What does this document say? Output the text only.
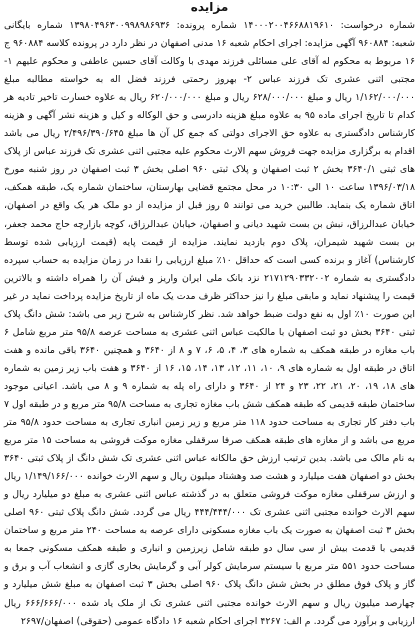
مزایده

شماره درخواست: ۱۴۰۰۰۲۰۰۴۶۶۸۸۱۹۶۱۰ شماره پرونده: ۱۳۹۸۰۴۹۶۳۰۰۹۹۸۹۸۶۹۳۶ شماره بایگانی شعبه: ۹۶۰۸۸۴ آگهی مزایده: اجرای احکام شعبه ۱۶ مدنی اصفهان در نظر دارد در پرونده کلاسه ۹۶۰۸۸۴ ج ۱۶ مربوط به محکوم له آقای علی مسائلی فرزند مهدی با وکالت آقای حسین عاطفی و محکوم علیهم ۱- مجتبی اثنی عشری تک فرزند عباس ۲- بهروز رحمتی فرزند فضل اله به خواسته مطالبه مبلغ ۱/۱۶۲/۰۰۰/۰۰۰ ریال و مبلغ ۶۲۸/۰۰۰/۰۰۰ ریال و مبلغ ۶۲۰/۰۰۰/۰۰۰ ریال به علاوه خسارت تاخیر تادیه هر کدام تا تاریخ اجرای ماده ۹۵ به علاوه مبلغ هزینه دادرسی و حق الوکاله و کیل و هزینه نشر آگهی و هزینه کارشناس دادگستری به علاوه حق الاجرای دولتی که جمع کل آن ها مبلغ ۲/۴۹۶/۳۹۰/۶۴۵ ریال می باشد اقدام به برگزاری مزایده جهت فروش سهم الارث محکوم علیه مجتبی اثنی عشری تک فرزند عباس از پلاک های ثبتی ۳۶۴۰/۱ بخش ۲ ثبت اصفهان و پلاک ثبتی ۹۶۰ اصلی بخش ۳ ثبت اصفهان در روز شنبه مورخ ۱۳۹۶/۰۳/۱۸ ساعت ۱۰ الی ۱۰:۳۰ در محل مجتمع قضایی بهارستان، ساختمان شماره یک، طبقه همکف، اتاق شماره یک بنماید. طالبین خرید می توانند ۵ روز قبل از مزایده از دو ملک هر یک واقع در اصفهان، خیابان عبدالرزاق، نبش بن بست شهید دیانی و اصفهان، خیابان عبدالرزاق، کوچه بازارچه حاج محمد جعفر، بن بست شهید شیمران، پلاک دوم بازدید نمایند. مزایده از قیمت پایه (قیمت ارزیابی شده توسط کارشناس) آغاز و برنده کسی است که حداقل ۱۰٪ مبلغ ارزیابی را نقدا در زمان مزایده به حساب سپرده دادگستری به شماره ۲۱۷۱۲۹۰۳۳۲۰۰۲ نزد بانک ملی ایران واریز و فیش آن را همراه داشته و بالاترین قیمت را پیشنهاد نماید و مابقی مبلغ را نیز حداکثر ظرف مدت یک ماه از تاریخ مزایده پرداخت نماید در غیر این صورت ۱۰٪ اول به نفع دولت ضبط خواهد شد. نظر کارشناس به شرح زیر می باشد: شش دانگ پلاک ثبتی ۳۶۴۰ بخش دو ثبت اصفهان با مالکیت عباس اثنی عشری به مساحت عرصه ۹۵/۸ متر مربع شامل ۶ باب مغازه در طبقه همکف به شماره های ۳، ۴، ۵، ۶، ۷ و ۸ از ۳۶۴۰ و همچنین ۳۶۴۰ باقی مانده و هفت اتاق در طبقه اول به شماره های ۹، ۱۰، ۱۱، ۱۲، ۱۳، ۱۴، ۱۵، ۱۶ از ۳۶۴۰ و هفت باب زیر زمین به شماره های ۱۸، ۱۹، ۲۰، ۲۱، ۲۲، ۲۳ و ۲۴ از ۳۶۴۰ و دارای راه پله به شماره ۹ و ۸ می باشد. اعیانی موجود ساختمان طبقه قدیمی که طبقه همکف شش باب مغازه تجاری به مساحت ۹۵/۸ متر مربع و در طبقه اول ۷ باب دفتر کار تجاری به مساحت حدود ۱۱۸ متر مربع و زیر زمین انباری تجاری به مساحت حدود ۹۵/۸ متر مربع می باشد و از مغازه های طبقه همکف صرفا سرقفلی مغازه موکت فروشی به مساحت ۱۵ متر مربع به نام مالک می باشد. بدین ترتیب ارزش حق مالکانه عباس اثنی عشری تک شش دانگ از پلاک ثبتی ۳۶۴۰ بخش دو اصفهان هفت میلیارد و هشت صد وهشتاد میلیون ریال و سهم الارث خوانده ۱/۱۴۹/۱۶۶/۰۰۰ ریال و ارزش سرقفلی مغازه موکت فروشی متعلق به در گذشته عباس اثنی عشری به مبلغ دو میلیارد ریال و سهم الارث خوانده مجتبی اثنی عشری تک ۴۴۴/۴۴۴/۰۰۰ ریال می گردد. شش دانگ پلاک ثبتی ۹۶۰ اصلی بخش ۳ ثبت اصفهان به صورت یک باب مغازه مسکونی دارای عرصه به مساحت ۲۴۰ متر مربع و ساختمان قدیمی با قدمت بیش از سی سال دو طبقه شامل زیرزمین و انباری و طبقه همکف مسکونی جمعا به مساحت حدود ۵۵۱ متر مربع با سیستم سرمایش کولر آبی و گرمایش بخاری گازی و انشعاب آب و برق و گاز و پلاک فوق مطلق در بخش شش دانگ پلاک ۹۶۰ اصلی بخش ۳ ثبت اصفهان به مبلغ شش میلیارد و چهارصد میلیون ریال و سهم الارث خوانده مجتبی اثنی عشری تک از ملک یاد شده ۶۶۶/۶۶۶/۰۰۰ ریال ارزیابی و برآورد می گردد. م الف: ۴۲۶۷ اجرای احکام شعبه ۱۶ دادگاه عمومی (حقوقی) اصفهان/۲۶۹۷
